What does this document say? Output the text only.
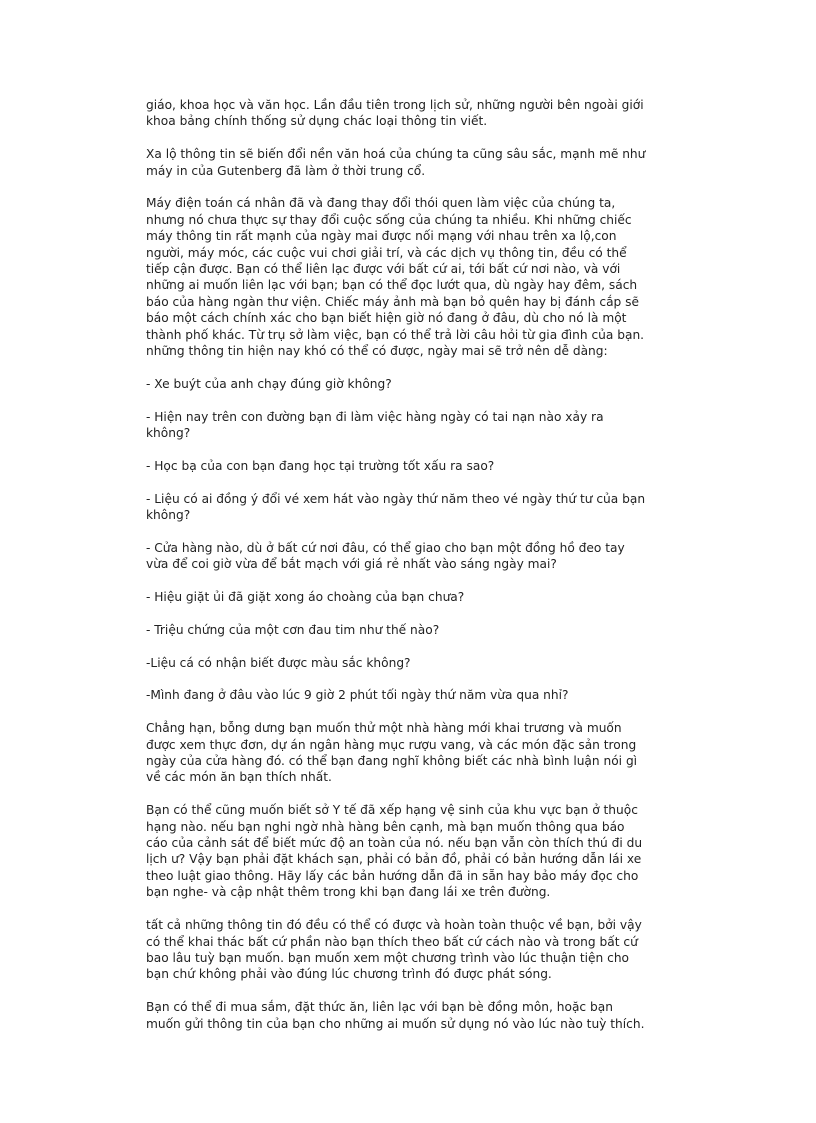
giáo, khoa học và văn học. Lần đầu tiên trong lịch sử, những người bên ngoài giới
khoa bảng chính thống sử dụng chác loại thông tin viết.

Xa lộ thông tin sẽ biến đổi nền văn hoá của chúng ta cũng sâu sắc, mạnh mẽ như
máy in của Gutenberg đã làm ở thời trung cổ.

Máy điện toán cá nhân đã và đang thay đổi thói quen làm việc của chúng ta,
nhưng nó chưa thực sự thay đổi cuộc sống của chúng ta nhiều. Khi những chiếc
máy thông tin rất mạnh của ngày mai được nối mạng với nhau trên xa lộ,con
người, máy móc, các cuộc vui chơi giải trí, và các dịch vụ thông tin, đều có thể
tiếp cận được. Bạn có thể liên lạc được với bất cứ ai, tới bất cứ nơi nào, và với
những ai muốn liên lạc với bạn; bạn có thể đọc lướt qua, dù ngày hay đêm, sách
báo của hàng ngàn thư viện. Chiếc máy ảnh mà bạn bỏ quên hay bị đánh cắp sẽ
báo một cách chính xác cho bạn biết hiện giờ nó đang ở đâu, dù cho nó là một
thành phố khác. Từ trụ sở làm việc, bạn có thể trả lời câu hỏi từ gia đình của bạn.
những thông tin hiện nay khó có thể có được, ngày mai sẽ trở nên dễ dàng:

- Xe buýt của anh chạy đúng giờ không?

- Hiện nay trên con đường bạn đi làm việc hàng ngày có tai nạn nào xảy ra
không?

- Học bạ của con bạn đang học tại trường tốt xấu ra sao?

- Liệu có ai đồng ý đổi vé xem hát vào ngày thứ năm theo vé ngày thứ tư của bạn
không?

- Cửa hàng nào, dù ở bất cứ nơi đâu, có thể giao cho bạn một đồng hồ đeo tay
vừa để coi giờ vừa để bắt mạch với giá rẻ nhất vào sáng ngày mai?

- Hiệu giặt ủi đã giặt xong áo choàng của bạn chưa?

- Triệu chứng của một cơn đau tim như thế nào?

-Liệu cá có nhận biết được màu sắc không?

-Mình đang ở đâu vào lúc 9 giờ 2 phút tối ngày thứ năm vừa qua nhỉ?

Chẳng hạn, bỗng dưng bạn muốn thử một nhà hàng mới khai trương và muốn
được xem thực đơn, dự án ngân hàng mục rượu vang, và các món đặc sản trong
ngày của cửa hàng đó. có thể bạn đang nghĩ không biết các nhà bình luận nói gì
về các món ăn bạn thích nhất.

Bạn có thể cũng muốn biết sở Y tế đã xếp hạng vệ sinh của khu vực bạn ở thuộc
hạng nào. nếu bạn nghi ngờ nhà hàng bên cạnh, mà bạn muốn thông qua báo
cáo của cảnh sát để biết mức độ an toàn của nó. nếu bạn vẫn còn thích thú đi du
lịch ư? Vậy bạn phải đặt khách sạn, phải có bản đồ, phải có bản hướng dẫn lái xe
theo luật giao thông. Hãy lấy các bản hướng dẫn đã in sẵn hay bảo máy đọc cho
bạn nghe- và cập nhật thêm trong khi bạn đang lái xe trên đường.

tất cả những thông tin đó đều có thể có được và hoàn toàn thuộc về bạn, bởi vậy
có thể khai thác bất cứ phần nào bạn thích theo bất cứ cách nào và trong bất cứ
bao lâu tuỳ bạn muốn. bạn muốn xem một chương trình vào lúc thuận tiện cho
bạn chứ không phải vào đúng lúc chương trình đó được phát sóng.

Bạn có thể đi mua sắm, đặt thức ăn, liên lạc với bạn bè đồng môn, hoặc bạn
muốn gửi thông tin của bạn cho những ai muốn sử dụng nó vào lúc nào tuỳ thích.
